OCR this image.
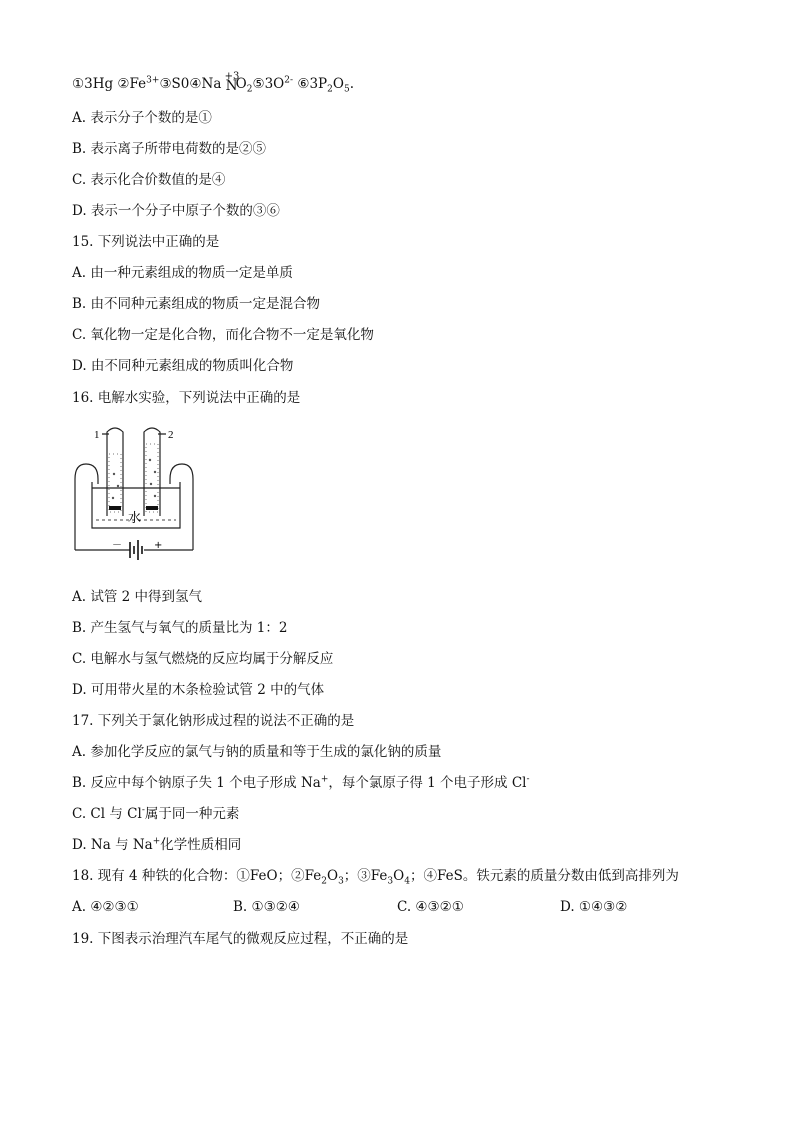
①3Hg $②Fe^{3+}③S0④Na +3$
N
$O_2⑤3O^{2-}$ $⑥3P_2O_5$.
A. 表示分子个数的是①
B. 表示离子所带电荷数的是②⑤
C. 表示化合价数值的是④
D. 表示一个分子中原子个数的③⑥
15. 下列说法中正确的是
A. 由一种元素组成的物质一定是单质
B. 由不同种元素组成的物质一定是混合物
C. 氧化物一定是化合物，而化合物不一定是氧化物
D. 由不同种元素组成的物质叫化合物
16. 电解水实验，下列说法中正确的是
1	2
水
－	+
A. 试管 2 中得到氢气
B. 产生氢气与氧气的质量比为 1：2
C. 电解水与氢气燃烧的反应均属于分解反应
D. 可用带火星的木条检验试管 2 中的气体
17. 下列关于氯化钠形成过程的说法不正确的是
A. 参加化学反应的氯气与钠的质量和等于生成的氯化钠的质量
B. 反应中每个钠原子失 1 个电子形成 Na+，每个氯原子得 1 个电子形成 Cl-
C. Cl 与 Cl-属于同一种元素
D. Na 与 Na+化学性质相同
18. 现有 4 种铁的化合物：①FeO；$②Fe_2O_3$；$③Fe_3O_4$；④FeS。铁元素的质量分数由低到高排列为
A. ④②③①	B. ①③②④	C. ④③②①	D. ①④③②
19. 下图表示治理汽车尾气的微观反应过程，不正确的是
